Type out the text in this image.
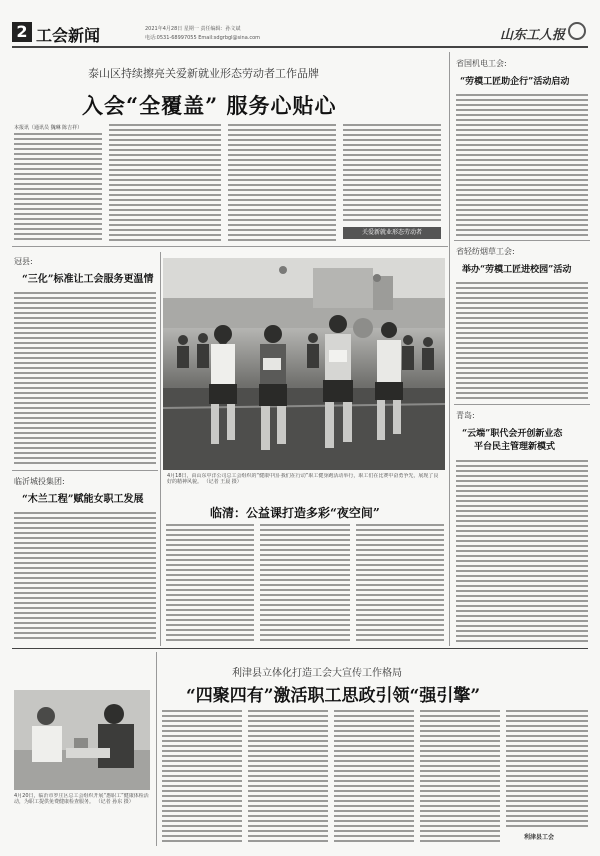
2 工会新闻	2021年4月28日 星期一 责任编辑：孙文斌
电话:0531-68997055 Email:sdgrbgl@sina.com	山东工人报
泰山区持续擦亮关爱新就业形态劳动者工作品牌
入会“全覆盖” 服务心贴心
本报讯（通讯员 魏琳 陈吉祥）
关爱新就业形态劳动者
冠县:
“三化”标准让工会服务更温情
临沂城投集团:
“木兰工程”赋能女职工发展
4月18日，由山东中洋公司总工会组织的“健康中国·我们在行动”职工健身跑活动举行，职工们在比赛中奋勇争先，展现了良好的精神风貌。 （记者 王晨 摄）
临清：公益课打造多彩“夜空间”
省国机电工会:
“劳模工匠助企行”活动启动
省轻纺烟草工会:
举办“劳模工匠进校园”活动
青岛:
“云端”职代会开创新业态
平台民主管理新模式
4月20日，临沂市罗庄区总工会组织开展“惠职工”健康体检活动，为职工提供免费健康检查服务。 （记者 孙东 摄）
利津县立体化打造工会大宣传工作格局
“四聚四有”激活职工思政引领“强引擎”
利津县工会
